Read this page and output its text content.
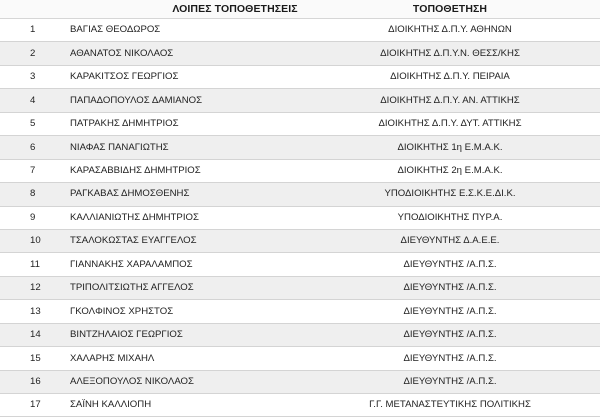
	ΛΟΙΠΕΣ ΤΟΠΟΘΕΤΗΣΕΙΣ	ΤΟΠΟΘΕΤΗΣΗ
1	ΒΑΓΙΑΣ ΘΕΟΔΩΡΟΣ	ΔΙΟΙΚΗΤΗΣ Δ.Π.Υ. ΑΘΗΝΩΝ
2	ΑΘΑΝΑΤΟΣ ΝΙΚΟΛΑΟΣ	ΔΙΟΙΚΗΤΗΣ Δ.Π.Υ.Ν. ΘΕΣΣ/ΚΗΣ
3	ΚΑΡΑΚΙΤΣΟΣ ΓΕΩΡΓΙΟΣ	ΔΙΟΙΚΗΤΗΣ Δ.Π.Υ. ΠΕΙΡΑΙΑ
4	ΠΑΠΑΔΟΠΟΥΛΟΣ ΔΑΜΙΑΝΟΣ	ΔΙΟΙΚΗΤΗΣ Δ.Π.Υ. ΑΝ. ΑΤΤΙΚΗΣ
5	ΠΑΤΡΑΚΗΣ ΔΗΜΗΤΡΙΟΣ	ΔΙΟΙΚΗΤΗΣ Δ.Π.Υ. ΔΥΤ. ΑΤΤΙΚΗΣ
6	ΝΙΑΦΑΣ ΠΑΝΑΓΙΩΤΗΣ	ΔΙΟΙΚΗΤΗΣ 1η Ε.Μ.Α.Κ.
7	ΚΑΡΑΣΑΒΒΙΔΗΣ ΔΗΜΗΤΡΙΟΣ	ΔΙΟΙΚΗΤΗΣ 2η Ε.Μ.Α.Κ.
8	ΡΑΓΚΑΒΑΣ ΔΗΜΟΣΘΕΝΗΣ	ΥΠΟΔΙΟΙΚΗΤΗΣ Ε.Σ.Κ.Ε.ΔΙ.Κ.
9	ΚΑΛΛΙΑΝΙΩΤΗΣ ΔΗΜΗΤΡΙΟΣ	ΥΠΟΔΙΟΙΚΗΤΗΣ ΠΥΡ.Α.
10	ΤΣΑΛΟΚΩΣΤΑΣ ΕΥΑΓΓΕΛΟΣ	ΔΙΕΥΘΥΝΤΗΣ Δ.Α.Ε.Ε.
11	ΓΙΑΝΝΑΚΗΣ ΧΑΡΑΛΑΜΠΟΣ	ΔΙΕΥΘΥΝΤΗΣ /Α.Π.Σ.
12	ΤΡΙΠΟΛΙΤΣΙΩΤΗΣ ΑΓΓΕΛΟΣ	ΔΙΕΥΘΥΝΤΗΣ /Α.Π.Σ.
13	ΓΚΟΛΦΙΝΟΣ ΧΡΗΣΤΟΣ	ΔΙΕΥΘΥΝΤΗΣ /Α.Π.Σ.
14	ΒΙΝΤΖΗΛΑΙΟΣ ΓΕΩΡΓΙΟΣ	ΔΙΕΥΘΥΝΤΗΣ /Α.Π.Σ.
15	ΧΑΛΑΡΗΣ ΜΙΧΑΗΛ	ΔΙΕΥΘΥΝΤΗΣ /Α.Π.Σ.
16	ΑΛΕΞΟΠΟΥΛΟΣ ΝΙΚΟΛΑΟΣ	ΔΙΕΥΘΥΝΤΗΣ /Α.Π.Σ.
17	ΣΑΪΝΗ ΚΑΛΛΙΟΠΗ	Γ.Γ. ΜΕΤΑΝΑΣΤΕΥΤΙΚΗΣ ΠΟΛΙΤΙΚΗΣ
